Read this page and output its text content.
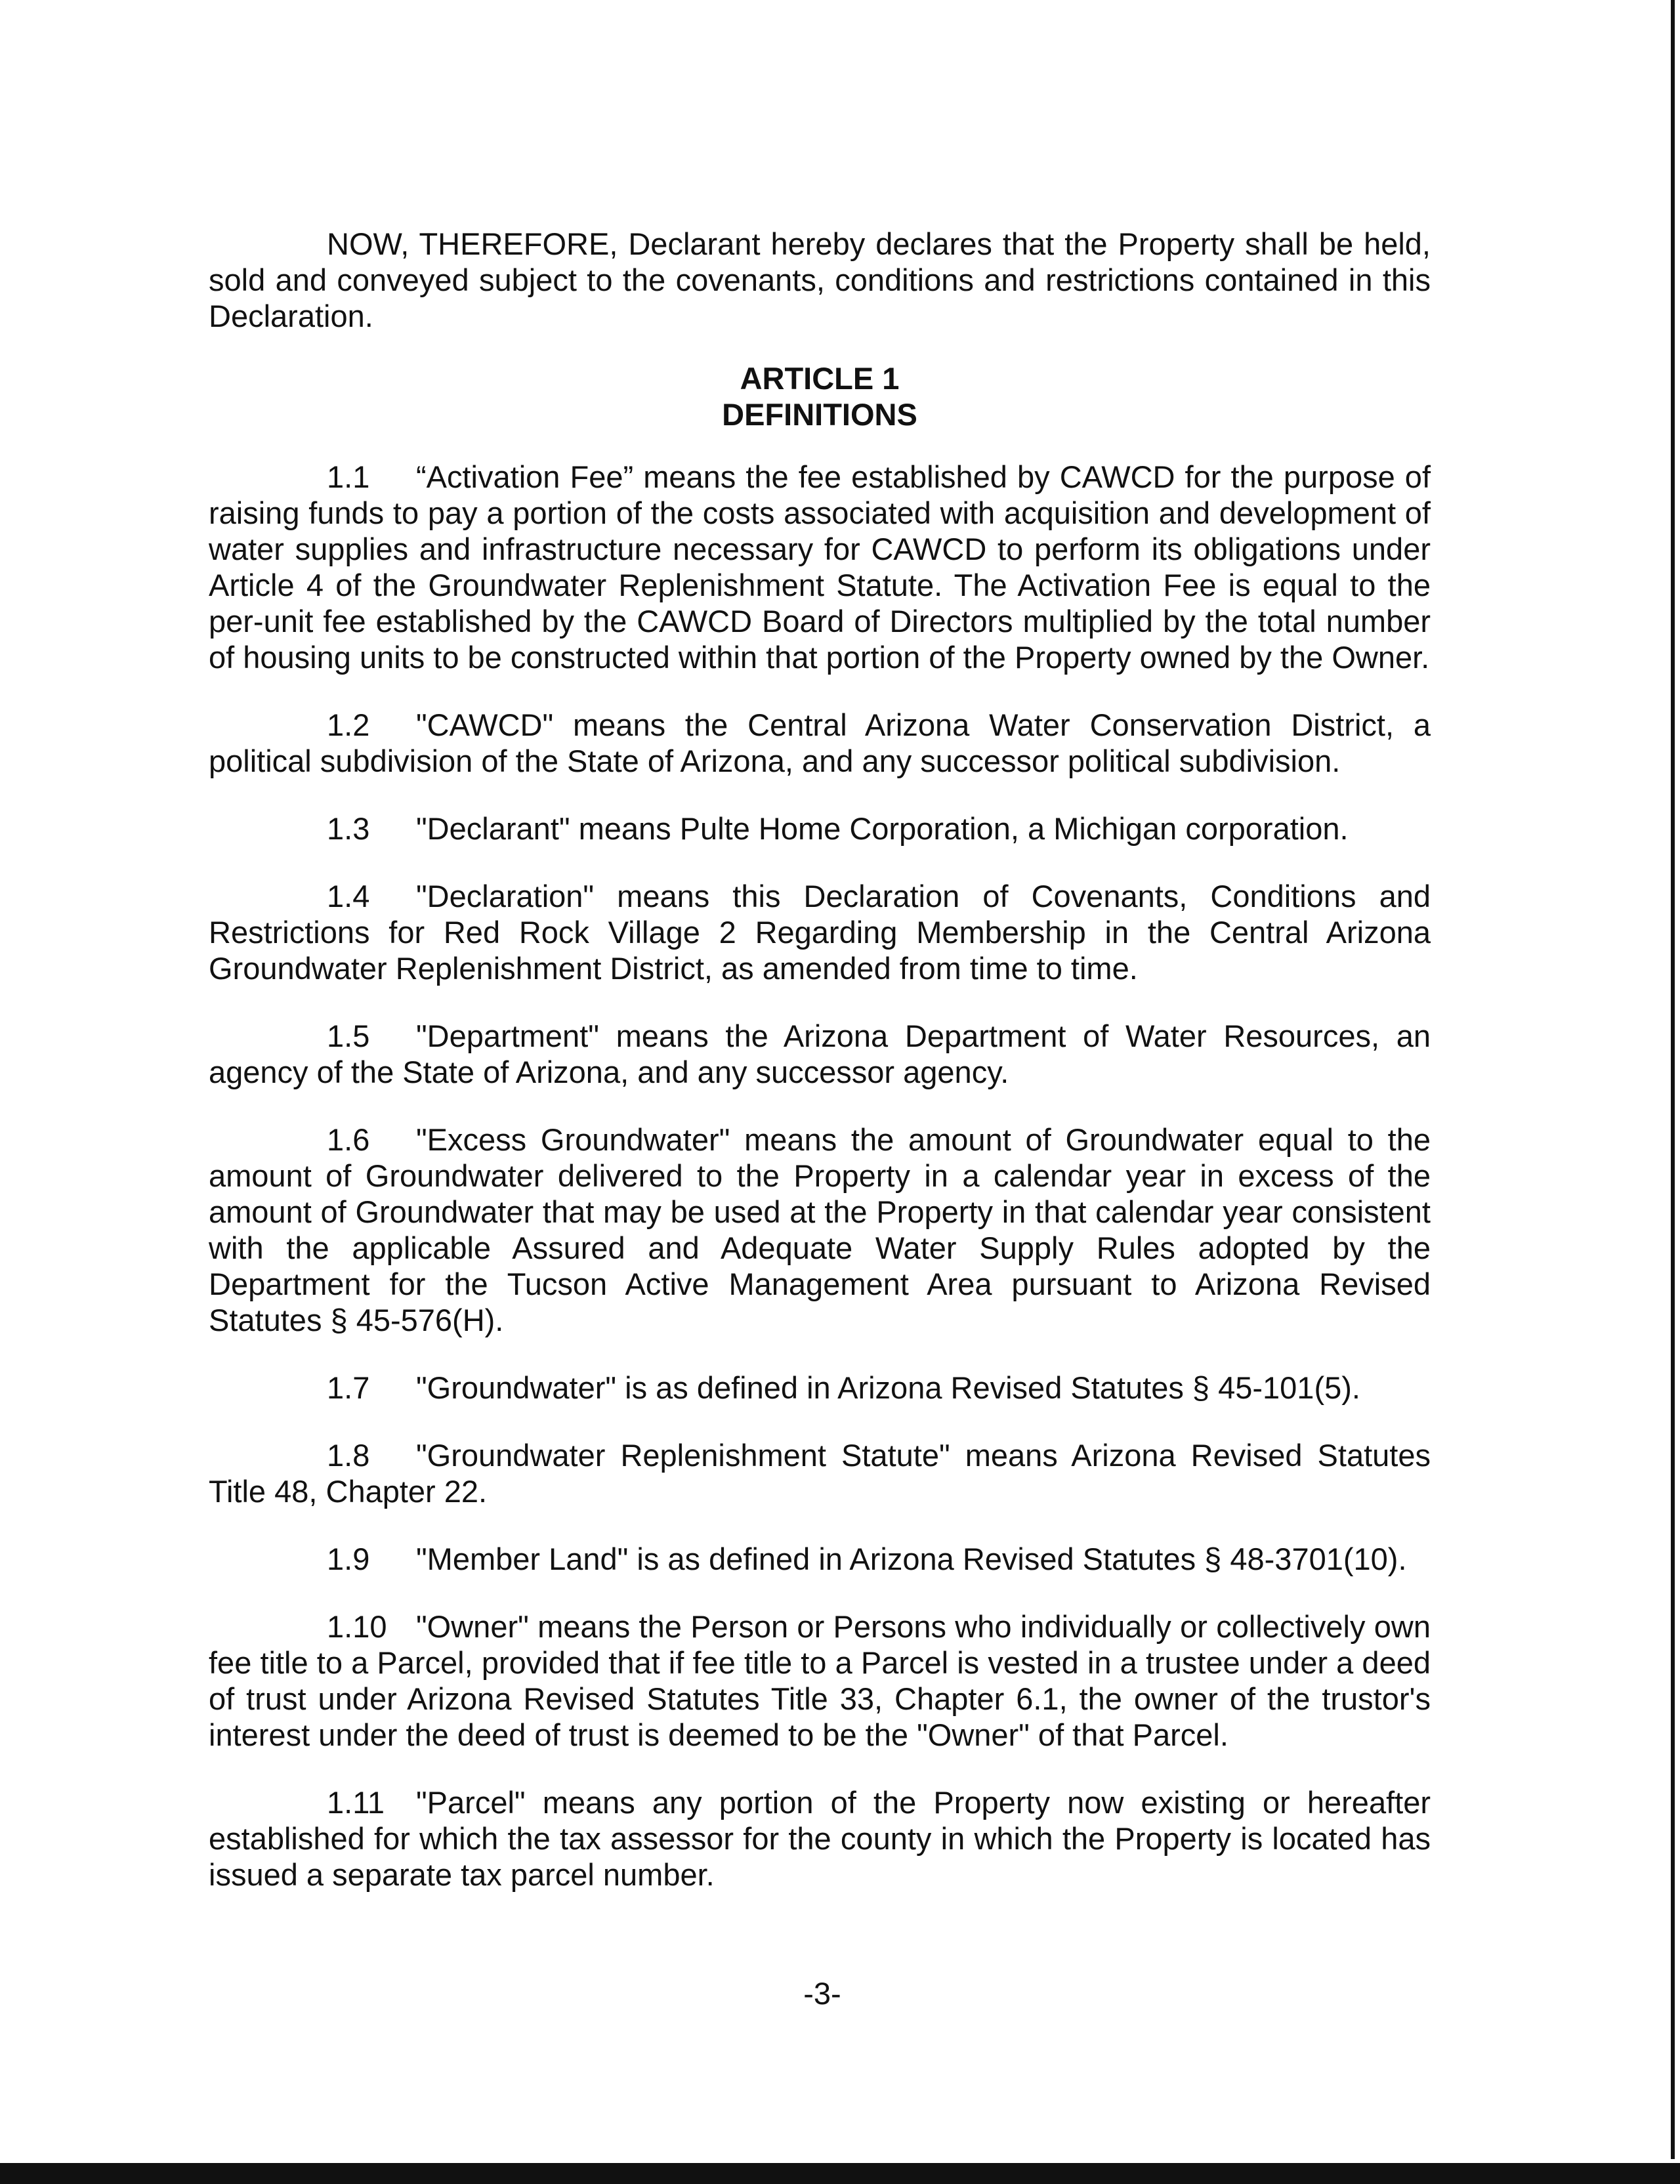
NOW, THEREFORE, Declarant hereby declares that the Property shall be held, sold and conveyed subject to the covenants, conditions and restrictions contained in this Declaration.

ARTICLE 1
DEFINITIONS

1.1 “Activation Fee” means the fee established by CAWCD for the purpose of raising funds to pay a portion of the costs associated with acquisition and development of water supplies and infrastructure necessary for CAWCD to perform its obligations under Article 4 of the Groundwater Replenishment Statute. The Activation Fee is equal to the per-unit fee established by the CAWCD Board of Directors multiplied by the total number of housing units to be constructed within that portion of the Property owned by the Owner.

1.2 "CAWCD" means the Central Arizona Water Conservation District, a political subdivision of the State of Arizona, and any successor political subdivision.

1.3 "Declarant" means Pulte Home Corporation, a Michigan corporation.

1.4 "Declaration" means this Declaration of Covenants, Conditions and Restrictions for Red Rock Village 2 Regarding Membership in the Central Arizona Groundwater Replenishment District, as amended from time to time.

1.5 "Department" means the Arizona Department of Water Resources, an agency of the State of Arizona, and any successor agency.

1.6 "Excess Groundwater" means the amount of Groundwater equal to the amount of Groundwater delivered to the Property in a calendar year in excess of the amount of Groundwater that may be used at the Property in that calendar year consistent with the applicable Assured and Adequate Water Supply Rules adopted by the Department for the Tucson Active Management Area pursuant to Arizona Revised Statutes § 45-576(H).

1.7 "Groundwater" is as defined in Arizona Revised Statutes § 45-101(5).

1.8 "Groundwater Replenishment Statute" means Arizona Revised Statutes Title 48, Chapter 22.

1.9 "Member Land" is as defined in Arizona Revised Statutes § 48-3701(10).

1.10 "Owner" means the Person or Persons who individually or collectively own fee title to a Parcel, provided that if fee title to a Parcel is vested in a trustee under a deed of trust under Arizona Revised Statutes Title 33, Chapter 6.1, the owner of the trustor's interest under the deed of trust is deemed to be the "Owner" of that Parcel.

1.11 "Parcel" means any portion of the Property now existing or hereafter established for which the tax assessor for the county in which the Property is located has issued a separate tax parcel number.

-3-
